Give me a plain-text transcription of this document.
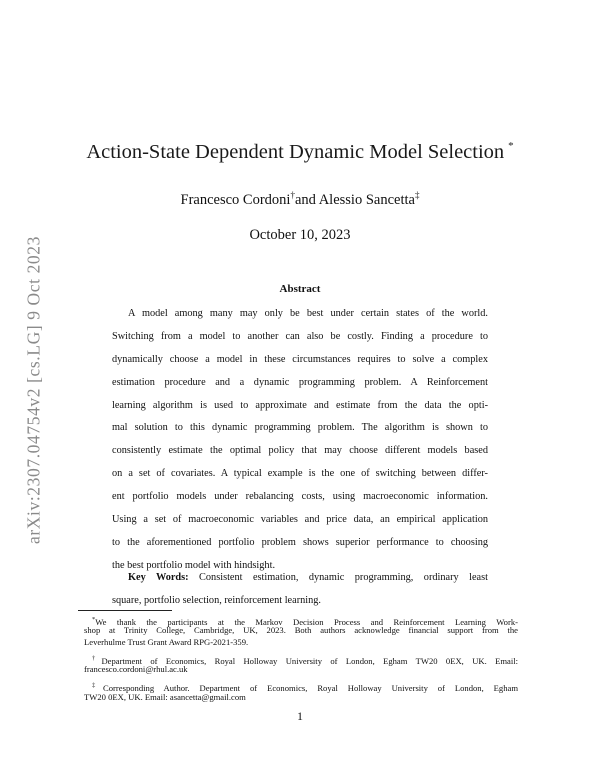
arXiv:2307.04754v2 [cs.LG] 9 Oct 2023
Action-State Dependent Dynamic Model Selection *
Francesco Cordoni†and Alessio Sancetta‡
October 10, 2023
Abstract
A model among many may only be best under certain states of the world.
Switching from a model to another can also be costly. Finding a procedure to
dynamically choose a model in these circumstances requires to solve a complex
estimation procedure and a dynamic programming problem. A Reinforcement
learning algorithm is used to approximate and estimate from the data the opti-
mal solution to this dynamic programming problem. The algorithm is shown to
consistently estimate the optimal policy that may choose different models based
on a set of covariates. A typical example is the one of switching between differ-
ent portfolio models under rebalancing costs, using macroeconomic information.
Using a set of macroeconomic variables and price data, an empirical application
to the aforementioned portfolio problem shows superior performance to choosing
the best portfolio model with hindsight.
Key Words: Consistent estimation, dynamic programming, ordinary least
square, portfolio selection, reinforcement learning.
*We thank the participants at the Markov Decision Process and Reinforcement Learning Work-
shop at Trinity College, Cambridge, UK, 2023. Both authors acknowledge financial support from the
Leverhulme Trust Grant Award RPG-2021-359.
†Department of Economics, Royal Holloway University of London, Egham TW20 0EX, UK. Email:
francesco.cordoni@rhul.ac.uk
‡Corresponding Author. Department of Economics, Royal Holloway University of London, Egham
TW20 0EX, UK. Email: asancetta@gmail.com
1
